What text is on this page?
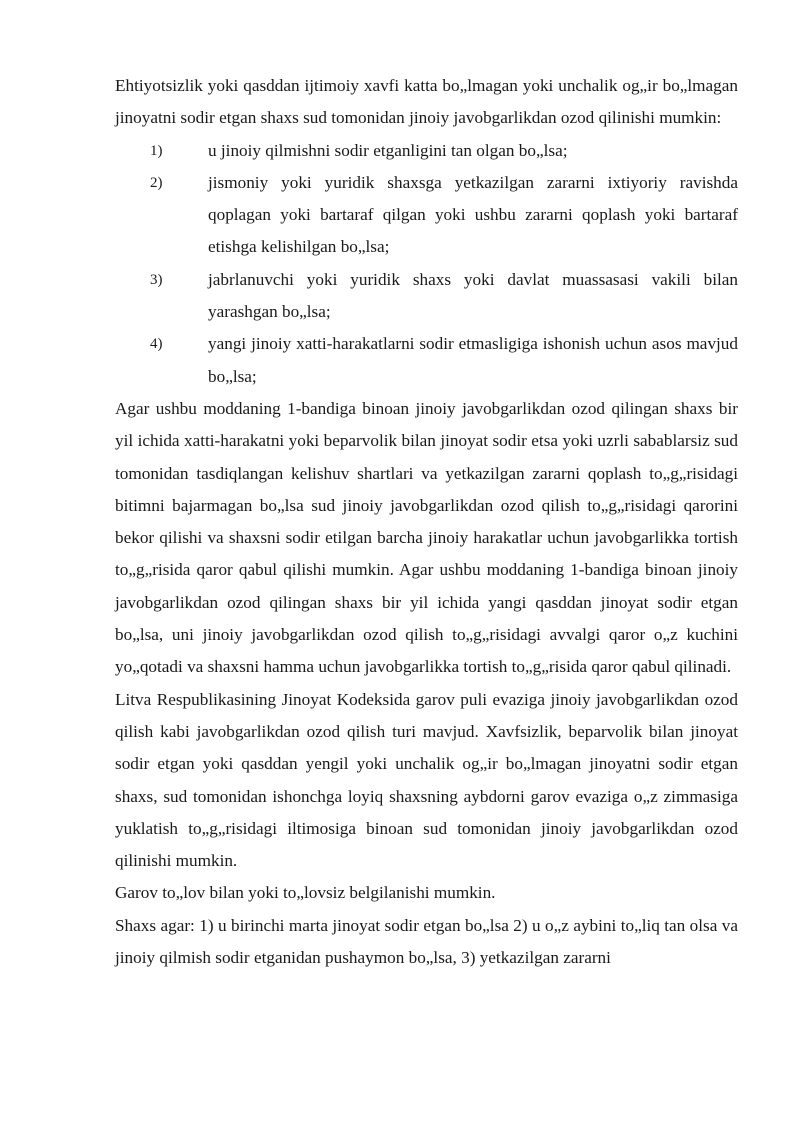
Ehtiyotsizlik yoki qasddan ijtimoiy xavfi katta bo„lmagan yoki unchalik og„ir bo„lmagan jinoyatni sodir etgan shaxs sud tomonidan jinoiy javobgarlikdan ozod qilinishi mumkin:

1)	u jinoiy qilmishni sodir etganligini tan olgan bo„lsa;
2)	jismoniy yoki yuridik shaxsga yetkazilgan zararni ixtiyoriy ravishda qoplagan yoki bartaraf qilgan yoki ushbu zararni qoplash yoki bartaraf etishga kelishilgan bo„lsa;
3)	jabrlanuvchi yoki yuridik shaxs yoki davlat muassasasi vakili bilan yarashgan bo„lsa;
4)	yangi jinoiy xatti-harakatlarni sodir etmasligiga ishonish uchun asos mavjud bo„lsa;

Agar ushbu moddaning 1-bandiga binoan jinoiy javobgarlikdan ozod qilingan shaxs bir yil ichida xatti-harakatni yoki beparvolik bilan jinoyat sodir etsa yoki uzrli sabablarsiz sud tomonidan tasdiqlangan kelishuv shartlari va yetkazilgan zararni qoplash to„g„risidagi bitimni bajarmagan bo„lsa sud jinoiy javobgarlikdan ozod qilish to„g„risidagi qarorini bekor qilishi va shaxsni sodir etilgan barcha jinoiy harakatlar uchun javobgarlikka tortish to„g„risida qaror qabul qilishi mumkin. Agar ushbu moddaning 1-bandiga binoan jinoiy javobgarlikdan ozod qilingan shaxs bir yil ichida yangi qasddan jinoyat sodir etgan bo„lsa, uni jinoiy javobgarlikdan ozod qilish to„g„risidagi avvalgi qaror o„z kuchini yo„qotadi va shaxsni hamma uchun javobgarlikka tortish to„g„risida qaror qabul qilinadi.

Litva Respublikasining Jinoyat Kodeksida garov puli evaziga jinoiy javobgarlikdan ozod qilish kabi javobgarlikdan ozod qilish turi mavjud. Xavfsizlik, beparvolik bilan jinoyat sodir etgan yoki qasddan yengil yoki unchalik og„ir bo„lmagan jinoyatni sodir etgan shaxs, sud tomonidan ishonchga loyiq shaxsning aybdorni garov evaziga o„z zimmasiga yuklatish to„g„risidagi iltimosiga binoan sud tomonidan jinoiy javobgarlikdan ozod qilinishi mumkin.

Garov to„lov bilan yoki to„lovsiz belgilanishi mumkin.

Shaxs agar: 1) u birinchi marta jinoyat sodir etgan bo„lsa 2) u o„z aybini to„liq tan olsa va jinoiy qilmish sodir etganidan pushaymon bo„lsa, 3) yetkazilgan zararni
